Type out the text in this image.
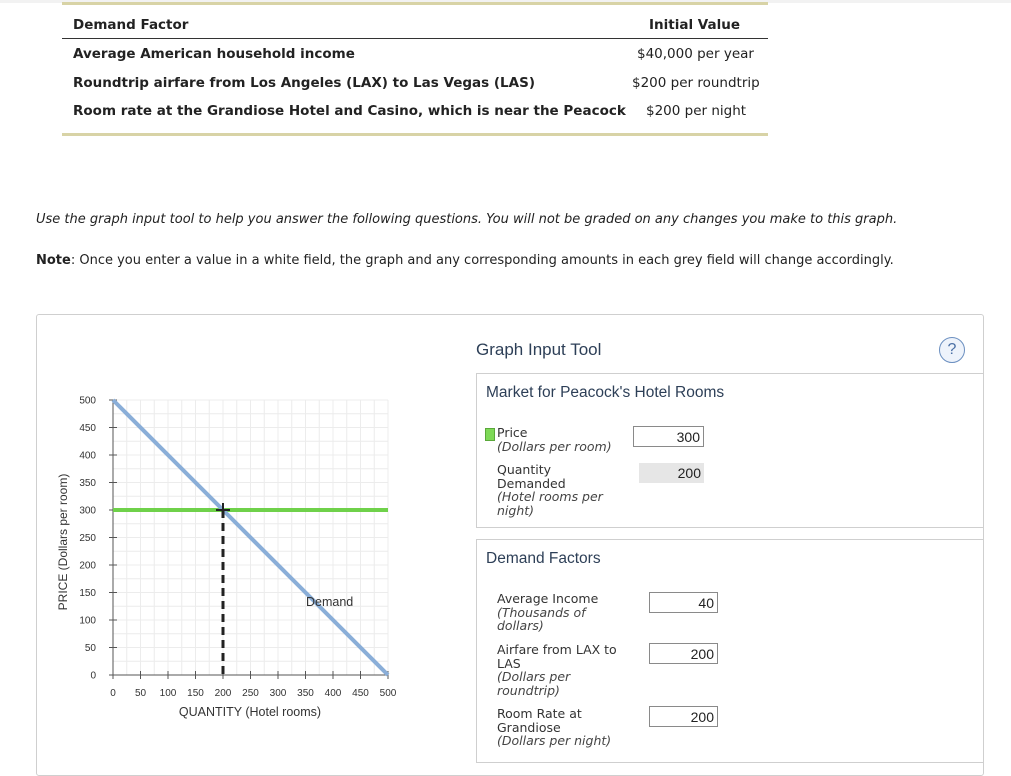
Demand Factor	Initial Value
Average American household income	$40,000 per year
Roundtrip airfare from Los Angeles (LAX) to Las Vegas (LAS)	$200 per roundtrip
Room rate at the Grandiose Hotel and Casino, which is near the Peacock $200 per night
Use the graph input tool to help you answer the following questions. You will not be graded on any changes you make to this graph.
Note: Once you enter a value in a white field, the graph and any corresponding amounts in each grey field will change accordingly.
0 50 100 150 200 250 300 350 400 450 500
0
50
100
150
200
250
300
350
400
450
500
PRICE (Dollars per room)
QUANTITY (Hotel rooms)
Demand
Graph Input Tool	?
Market for Peacock's Hotel Rooms
Price
(Dollars per room)
300
Quantity Demanded
(Hotel rooms per night)
200
Demand Factors
Average Income
(Thousands of dollars)
40
Airfare from LAX to LAS
(Dollars per roundtrip)
200
Room Rate at Grandiose
(Dollars per night)
200
